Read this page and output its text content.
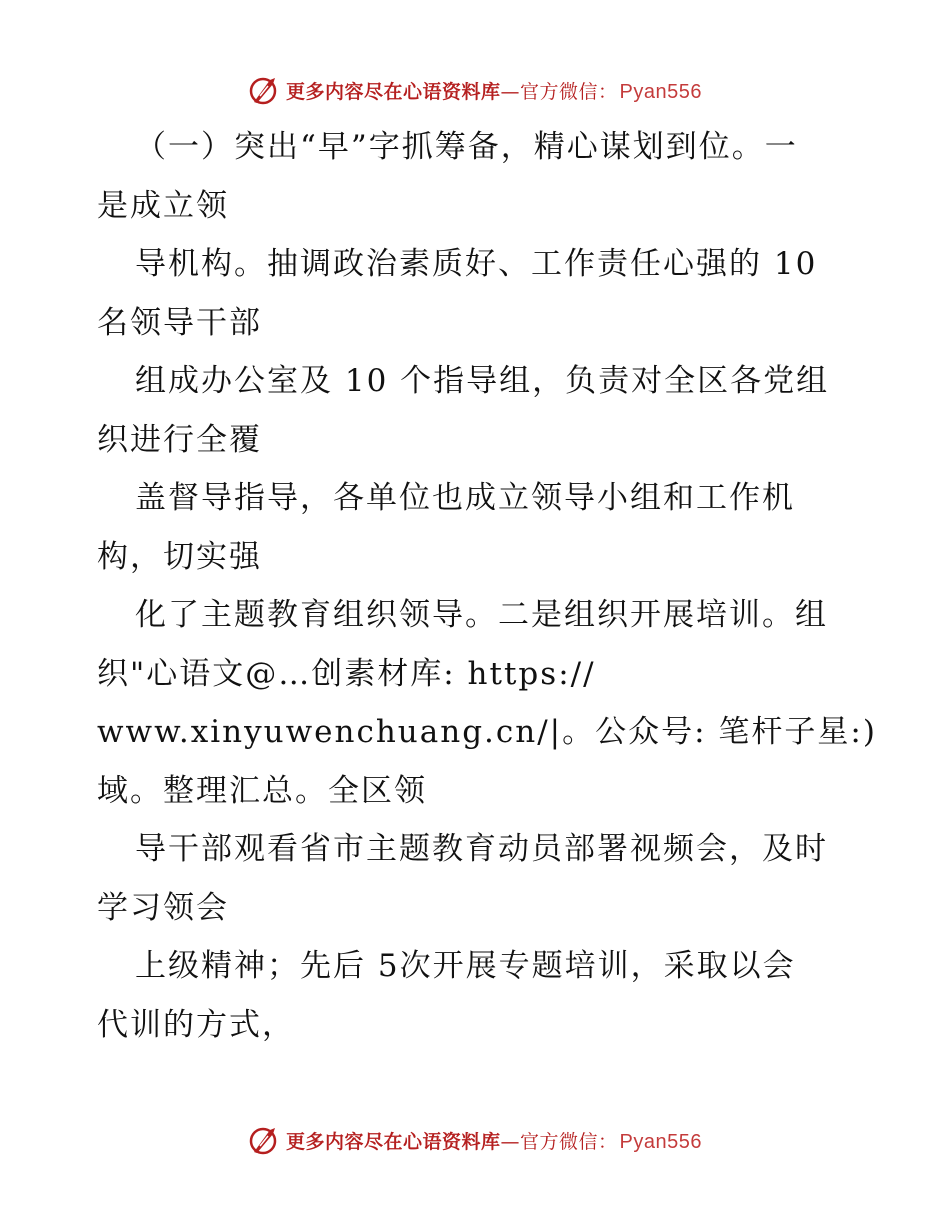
更多内容尽在心语资料库—官方微信： Pyan556
（一）突出“早”字抓筹备，精心谋划到位。一
是成立领
导机构。抽调政治素质好、工作责任心强的 10
名领导干部
组成办公室及 10 个指导组，负责对全区各党组
织进行全覆
盖督导指导，各单位也成立领导小组和工作机
构，切实强
化了主题教育组织领导。二是组织开展培训。组
织"心语文@…创素材库: https://
www.xinyuwenchuang.cn/|。公众号: 笔杆子星:)
域。整理汇总。全区领
导干部观看省市主题教育动员部署视频会，及时
学习领会
上级精神；先后 5次开展专题培训，采取以会
代训的方式，
更多内容尽在心语资料库—官方微信： Pyan556
